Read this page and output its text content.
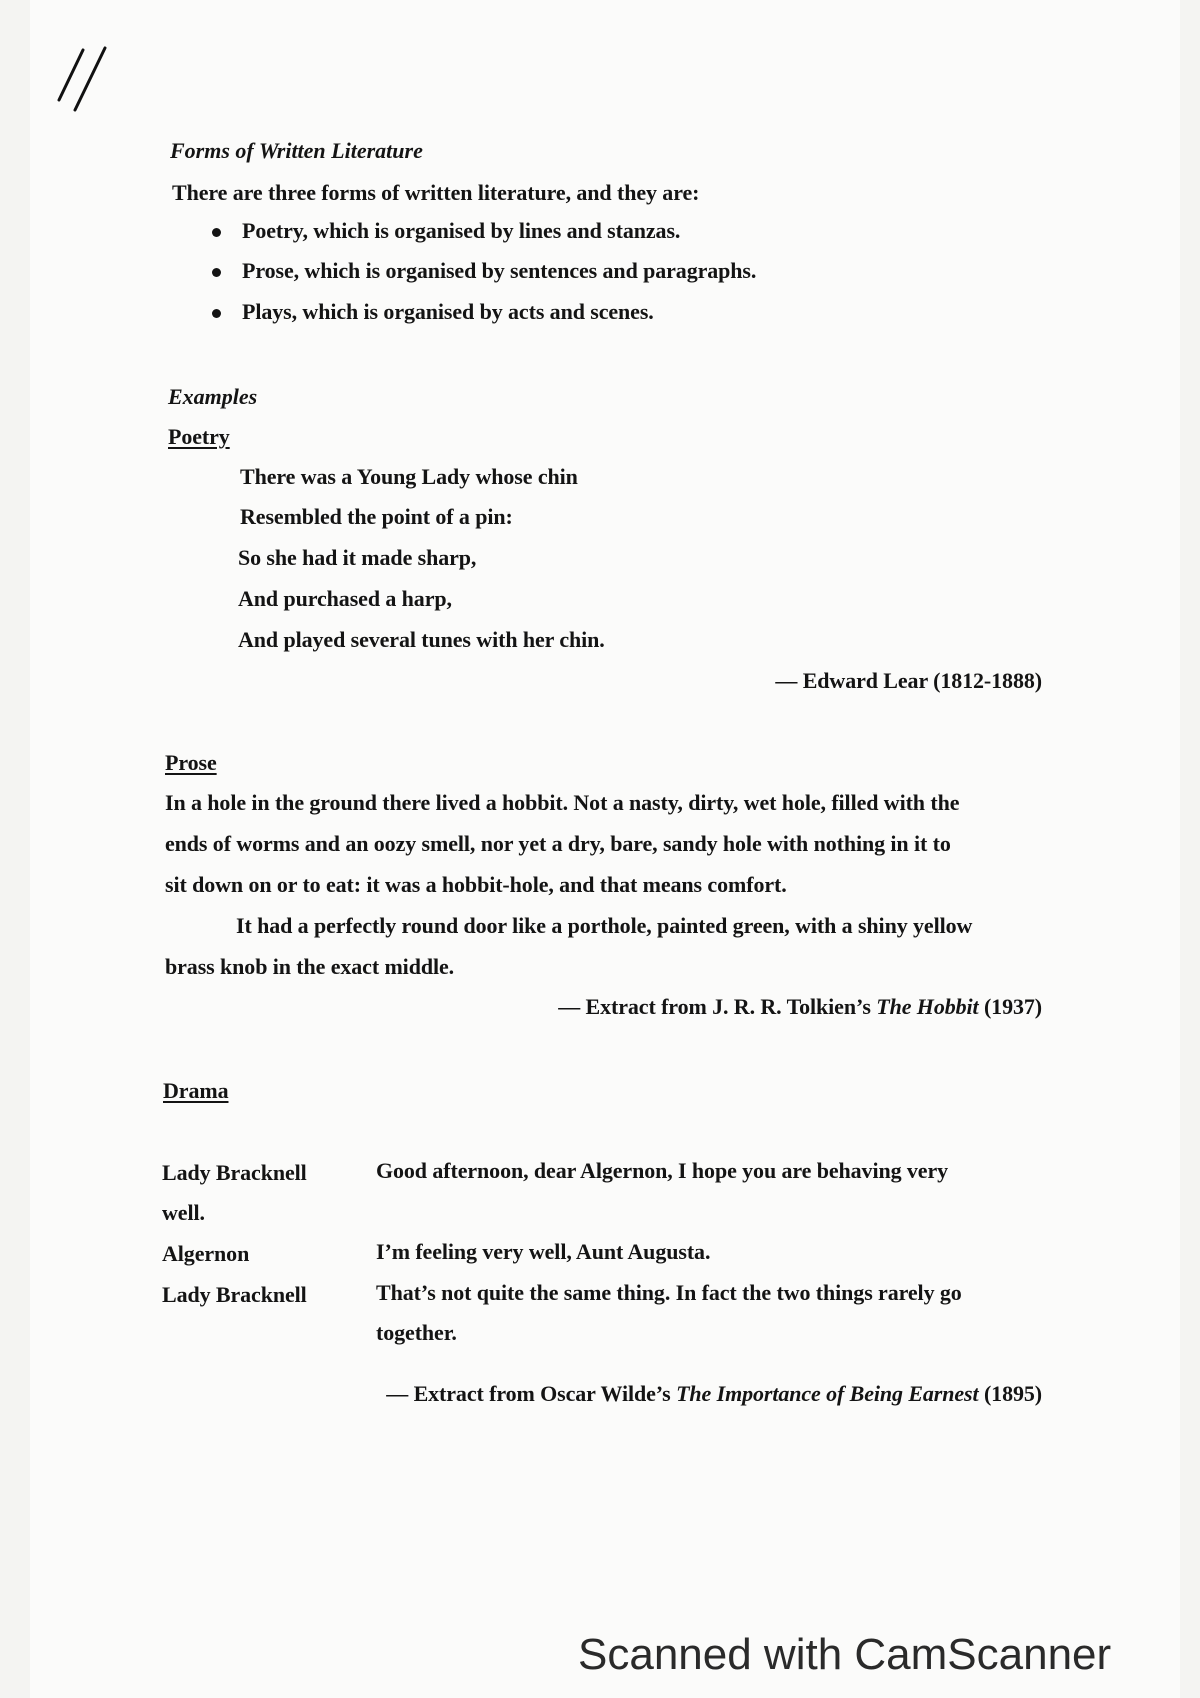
Forms of Written Literature
There are three forms of written literature, and they are:
Poetry, which is organised by lines and stanzas.
Prose, which is organised by sentences and paragraphs.
Plays, which is organised by acts and scenes.
Examples
Poetry
There was a Young Lady whose chin
Resembled the point of a pin:
So she had it made sharp,
And purchased a harp,
And played several tunes with her chin.
— Edward Lear (1812-1888)
Prose
In a hole in the ground there lived a hobbit. Not a nasty, dirty, wet hole, filled with the
ends of worms and an oozy smell, nor yet a dry, bare, sandy hole with nothing in it to
sit down on or to eat: it was a hobbit-hole, and that means comfort.
It had a perfectly round door like a porthole, painted green, with a shiny yellow
brass knob in the exact middle.
— Extract from J. R. R. Tolkien’s The Hobbit (1937)
Drama
Lady Bracknell	Good afternoon, dear Algernon, I hope you are behaving very
well.
Algernon	I’m feeling very well, Aunt Augusta.
Lady Bracknell	That’s not quite the same thing. In fact the two things rarely go
together.
— Extract from Oscar Wilde’s The Importance of Being Earnest (1895)
Scanned with CamScanner
